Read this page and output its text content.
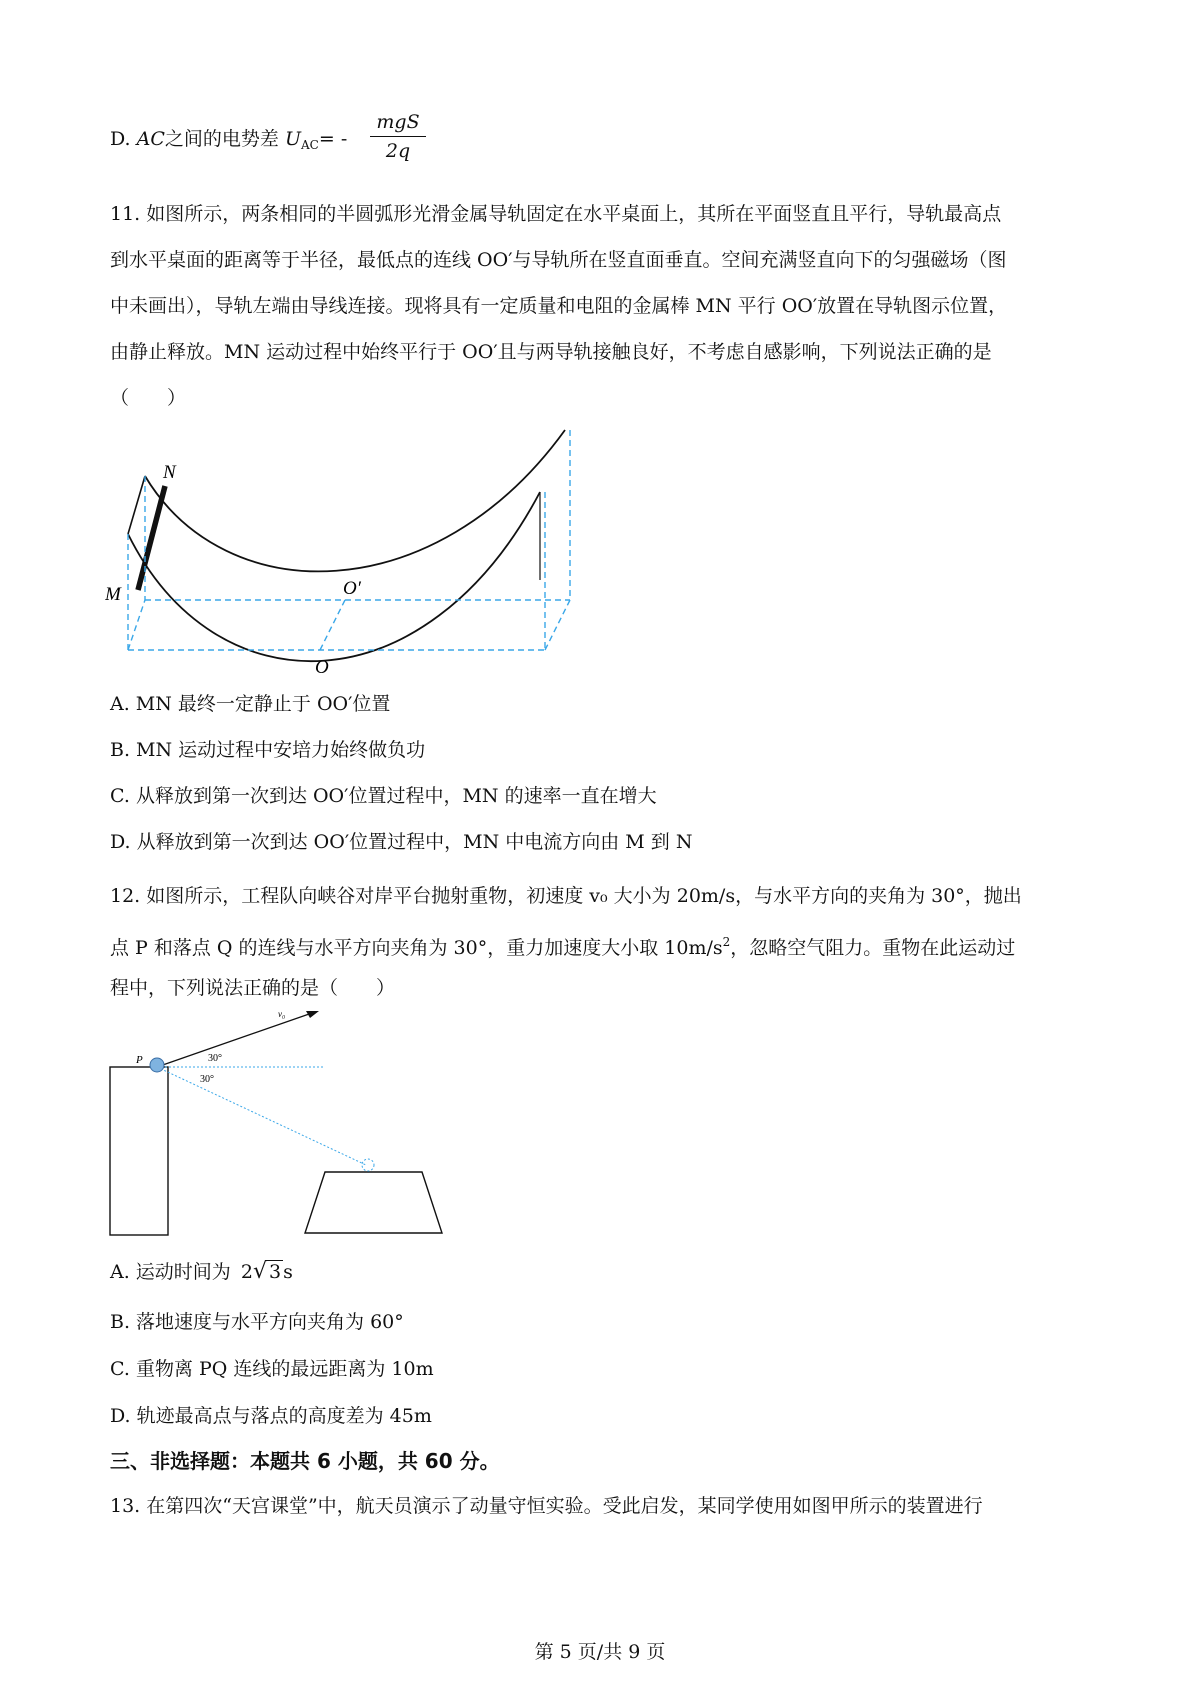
D. AC之间的电势差 $U_{AC}=$ -
mgS
2q
11. 如图所示，两条相同的半圆弧形光滑金属导轨固定在水平桌面上，其所在平面竖直且平行，导轨最高点
到水平桌面的距离等于半径，最低点的连线 OO′与导轨所在竖直面垂直。空间充满竖直向下的匀强磁场（图
中未画出），导轨左端由导线连接。现将具有一定质量和电阻的金属棒 MN 平行 OO′放置在导轨图示位置，
由静止释放。MN 运动过程中始终平行于 OO′且与两导轨接触良好，不考虑自感影响，下列说法正确的是
（　　）
N
M	O′
O
A. MN 最终一定静止于 OO′位置
B. MN 运动过程中安培力始终做负功
C. 从释放到第一次到达 OO′位置过程中，MN 的速率一直在增大
D. 从释放到第一次到达 OO′位置过程中，MN 中电流方向由 M 到 N
12. 如图所示，工程队向峡谷对岸平台抛射重物，初速度 v₀ 大小为 20m/s，与水平方向的夹角为 30°，抛出
点 P 和落点 Q 的连线与水平方向夹角为 30°，重力加速度大小取 $10m/s^2$，忽略空气阻力。重物在此运动过
程中，下列说法正确的是（　　）
P
v₀
30°
30°
A. 运动时间为 2√ 3 s
B. 落地速度与水平方向夹角为 60°
C. 重物离 PQ 连线的最远距离为 10m
D. 轨迹最高点与落点的高度差为 45m
三、非选择题：本题共 6 小题，共 60 分。
13. 在第四次“天宫课堂”中，航天员演示了动量守恒实验。受此启发，某同学使用如图甲所示的装置进行
第 5 页/共 9 页
